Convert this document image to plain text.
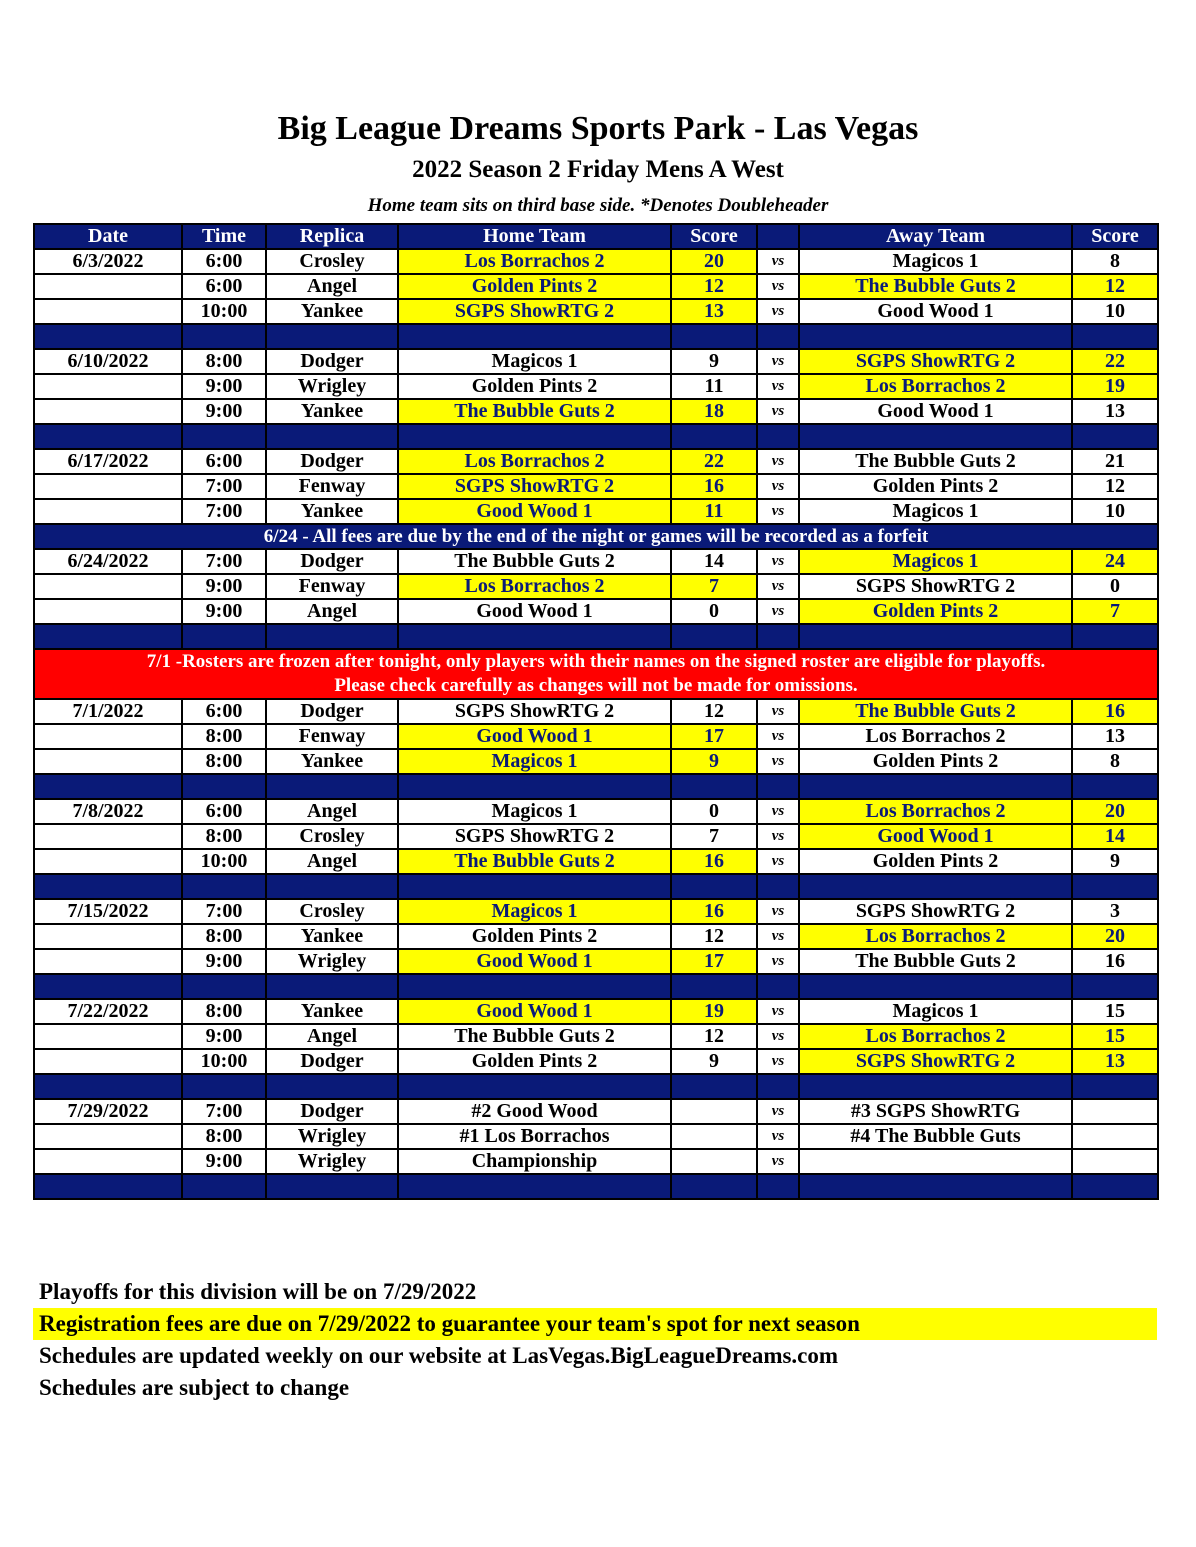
Big League Dreams Sports Park - Las Vegas
2022 Season 2 Friday Mens A West
Home team sits on third base side. *Denotes Doubleheader
Date	Time	Replica	Home Team	Score		Away Team	Score
6/3/2022	6:00	Crosley	Los Borrachos 2	20	vs	Magicos 1	8
	6:00	Angel	Golden Pints 2	12	vs	The Bubble Guts 2	12
	10:00	Yankee	SGPS ShowRTG 2	13	vs	Good Wood 1	10

6/10/2022	8:00	Dodger	Magicos 1	9	vs	SGPS ShowRTG 2	22
	9:00	Wrigley	Golden Pints 2	11	vs	Los Borrachos 2	19
	9:00	Yankee	The Bubble Guts 2	18	vs	Good Wood 1	13

6/17/2022	6:00	Dodger	Los Borrachos 2	22	vs	The Bubble Guts 2	21
	7:00	Fenway	SGPS ShowRTG 2	16	vs	Golden Pints 2	12
	7:00	Yankee	Good Wood 1	11	vs	Magicos 1	10
6/24 - All fees are due by the end of the night or games will be recorded as a forfeit							
6/24/2022	7:00	Dodger	The Bubble Guts 2	14	vs	Magicos 1	24
	9:00	Fenway	Los Borrachos 2	7	vs	SGPS ShowRTG 2	0
	9:00	Angel	Good Wood 1	0	vs	Golden Pints 2	7

7/1 -Rosters are frozen after tonight, only players with their names on the signed roster are eligible for playoffs.
Please check carefully as changes will not be made for omissions.							

7/1/2022	6:00	Dodger	SGPS ShowRTG 2	12	vs	The Bubble Guts 2	16
	8:00	Fenway	Good Wood 1	17	vs	Los Borrachos 2	13
	8:00	Yankee	Magicos 1	9	vs	Golden Pints 2	8

7/8/2022	6:00	Angel	Magicos 1	0	vs	Los Borrachos 2	20
	8:00	Crosley	SGPS ShowRTG 2	7	vs	Good Wood 1	14
	10:00	Angel	The Bubble Guts 2	16	vs	Golden Pints 2	9

7/15/2022	7:00	Crosley	Magicos 1	16	vs	SGPS ShowRTG 2	3
	8:00	Yankee	Golden Pints 2	12	vs	Los Borrachos 2	20
	9:00	Wrigley	Good Wood 1	17	vs	The Bubble Guts 2	16

7/22/2022	8:00	Yankee	Good Wood 1	19	vs	Magicos 1	15
	9:00	Angel	The Bubble Guts 2	12	vs	Los Borrachos 2	15
	10:00	Dodger	Golden Pints 2	9	vs	SGPS ShowRTG 2	13

7/29/2022	7:00	Dodger	#2 Good Wood		vs	#3 SGPS ShowRTG	
	8:00	Wrigley	#1 Los Borrachos		vs	#4 The Bubble Guts	
	9:00	Wrigley	Championship		vs		

Playoffs for this division will be on 7/29/2022
Registration fees are due on 7/29/2022 to guarantee your team's spot for next season
Schedules are updated weekly on our website at LasVegas.BigLeagueDreams.com
Schedules are subject to change
